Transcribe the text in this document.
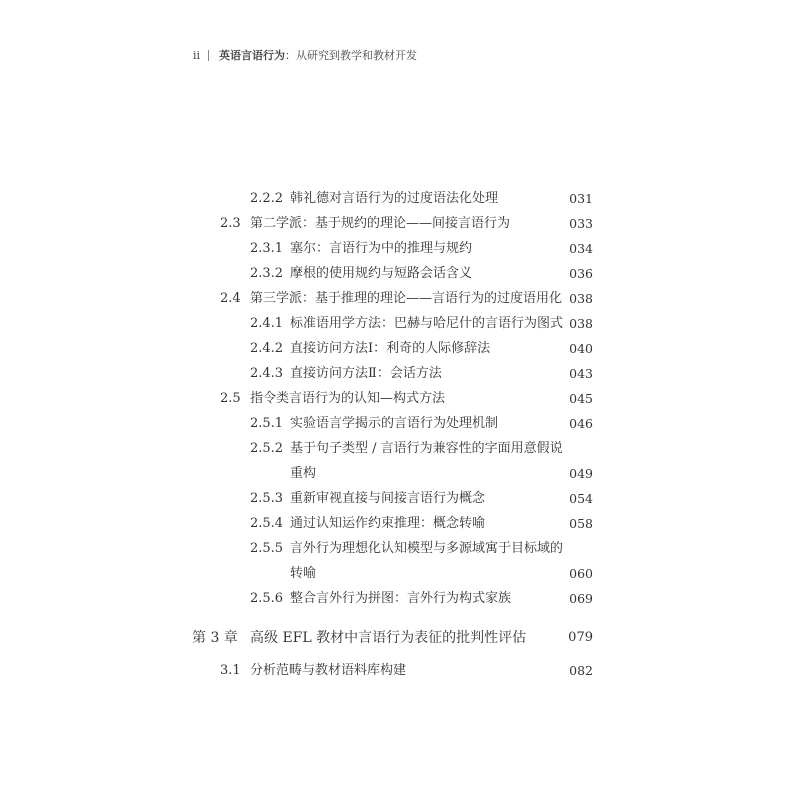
ii 英语言语行为 ：从研究到教学和教材开发
2.2.2 韩礼德对言语行为的过度语法化处理	031
2.3 第二学派：基于规约的理论——间接言语行为	033
2.3.1 塞尔：言语行为中的推理与规约	034
2.3.2 摩根的使用规约与短路会话含义	036
2.4 第三学派：基于推理的理论——言语行为的过度语用化 038
2.4.1 标准语用学方法：巴赫与哈尼什的言语行为图式 038
2.4.2 直接访问方法Ⅰ：利奇的人际修辞法	040
2.4.3 直接访问方法Ⅱ：会话方法	043
2.5 指令类言语行为的认知—构式方法	045
2.5.1 实验语言学揭示的言语行为处理机制	046
2.5.2 基于句子类型 / 言语行为兼容性的字面用意假说
重构	049
2.5.3 重新审视直接与间接言语行为概念	054
2.5.4 通过认知运作约束推理：概念转喻	058
2.5.5 言外行为理想化认知模型与多源域寓于目标域的
转喻	060
2.5.6 整合言外行为拼图：言外行为构式家族	069
第 3 章 高级 EFL 教材中言语行为表征的批判性评估	079
3.1 分析范畴与教材语料库构建	082
